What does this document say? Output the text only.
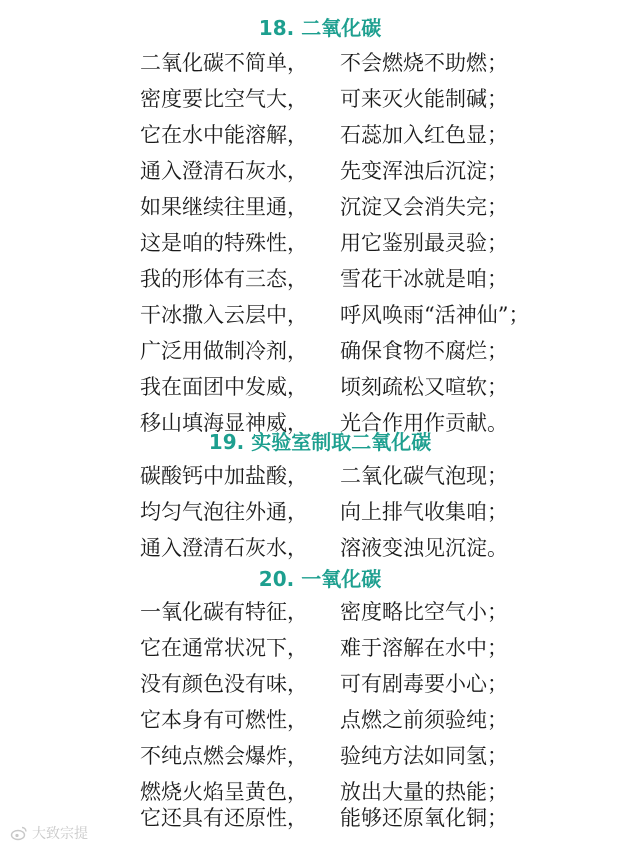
18. 二氧化碳
二氧化碳不简单， 不会燃烧不助燃；
密度要比空气大， 可来灭火能制碱；
它在水中能溶解， 石蕊加入红色显；
通入澄清石灰水， 先变浑浊后沉淀；
如果继续往里通， 沉淀又会消失完；
这是咱的特殊性， 用它鉴别最灵验；
我的形体有三态， 雪花干冰就是咱；
干冰撒入云层中， 呼风唤雨“活神仙”；
广泛用做制冷剂， 确保食物不腐烂；
我在面团中发威， 顷刻疏松又喧软；
移山填海显神威， 光合作用作贡献。
19. 实验室制取二氧化碳
碳酸钙中加盐酸， 二氧化碳气泡现；
均匀气泡往外通， 向上排气收集咱；
通入澄清石灰水， 溶液变浊见沉淀。
20. 一氧化碳
一氧化碳有特征， 密度略比空气小；
它在通常状况下， 难于溶解在水中；
没有颜色没有味， 可有剧毒要小心；
它本身有可燃性， 点燃之前须验纯；
不纯点燃会爆炸， 验纯方法如同氢；
燃烧火焰呈黄色， 放出大量的热能；
它还具有还原性， 能够还原氧化铜；
大致宗提
